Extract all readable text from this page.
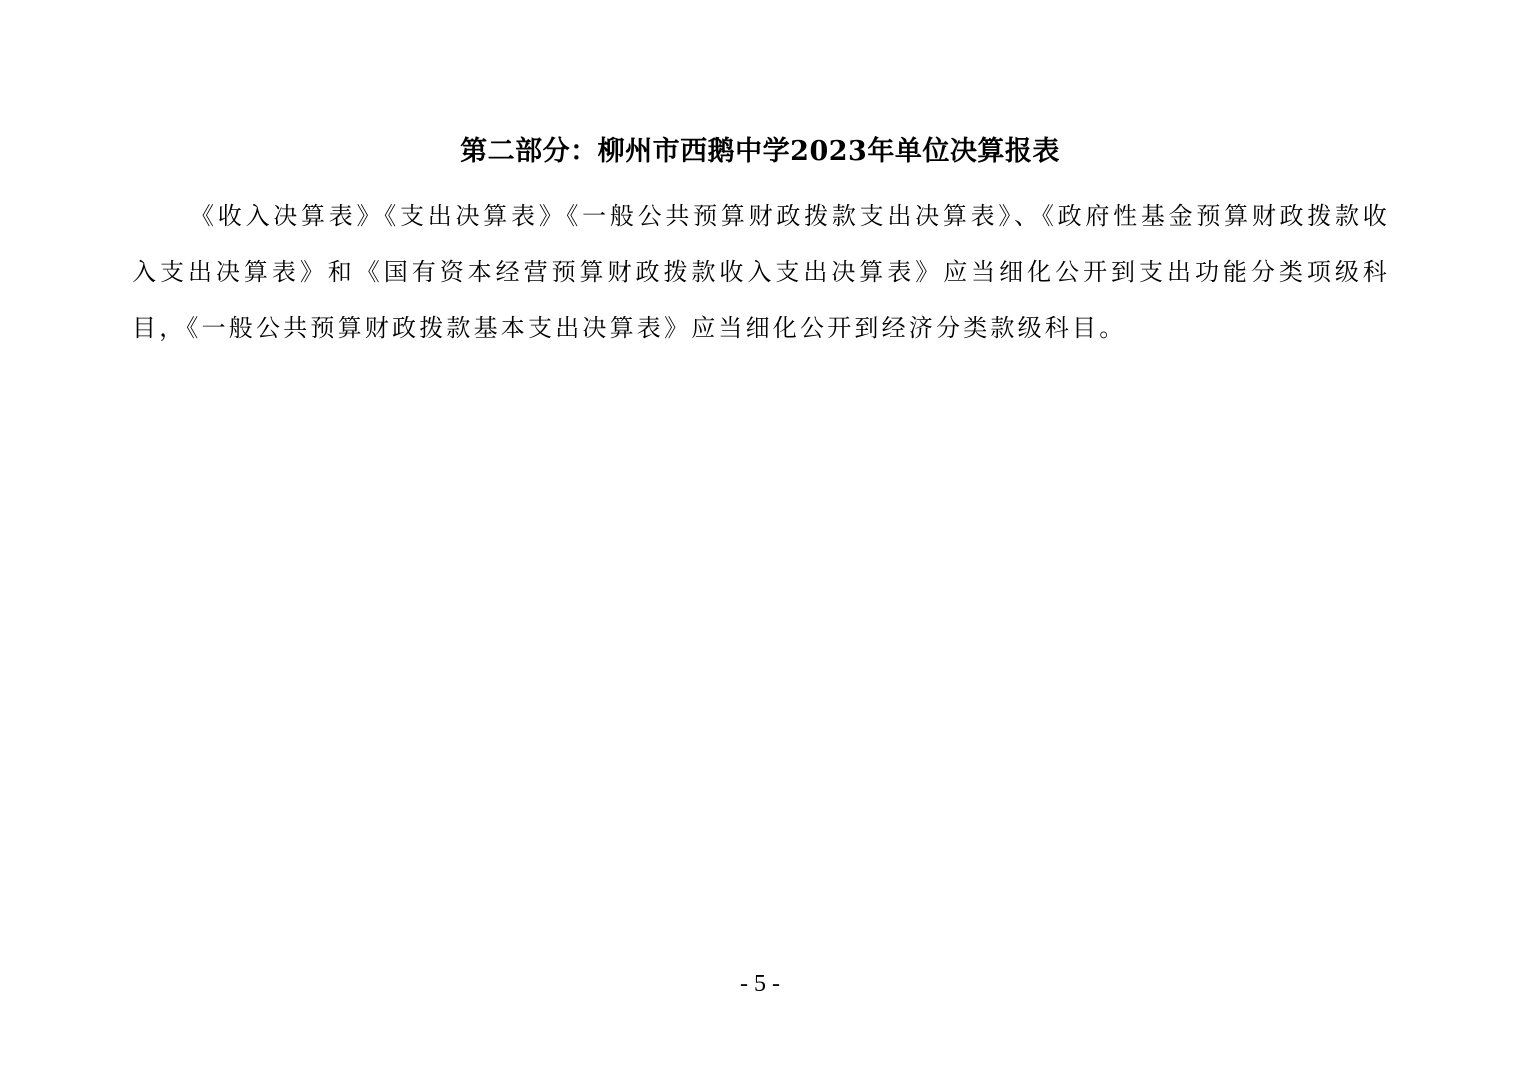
第二部分：柳州市西鹅中学2023年单位决算报表

《收入决算表》《支出决算表》《一般公共预算财政拨款支出决算表》、《政府性基金预算财政拨款收入支出决算表》和《国有资本经营预算财政拨款收入支出决算表》应当细化公开到支出功能分类项级科目，《一般公共预算财政拨款基本支出决算表》应当细化公开到经济分类款级科目。

- 5 -
